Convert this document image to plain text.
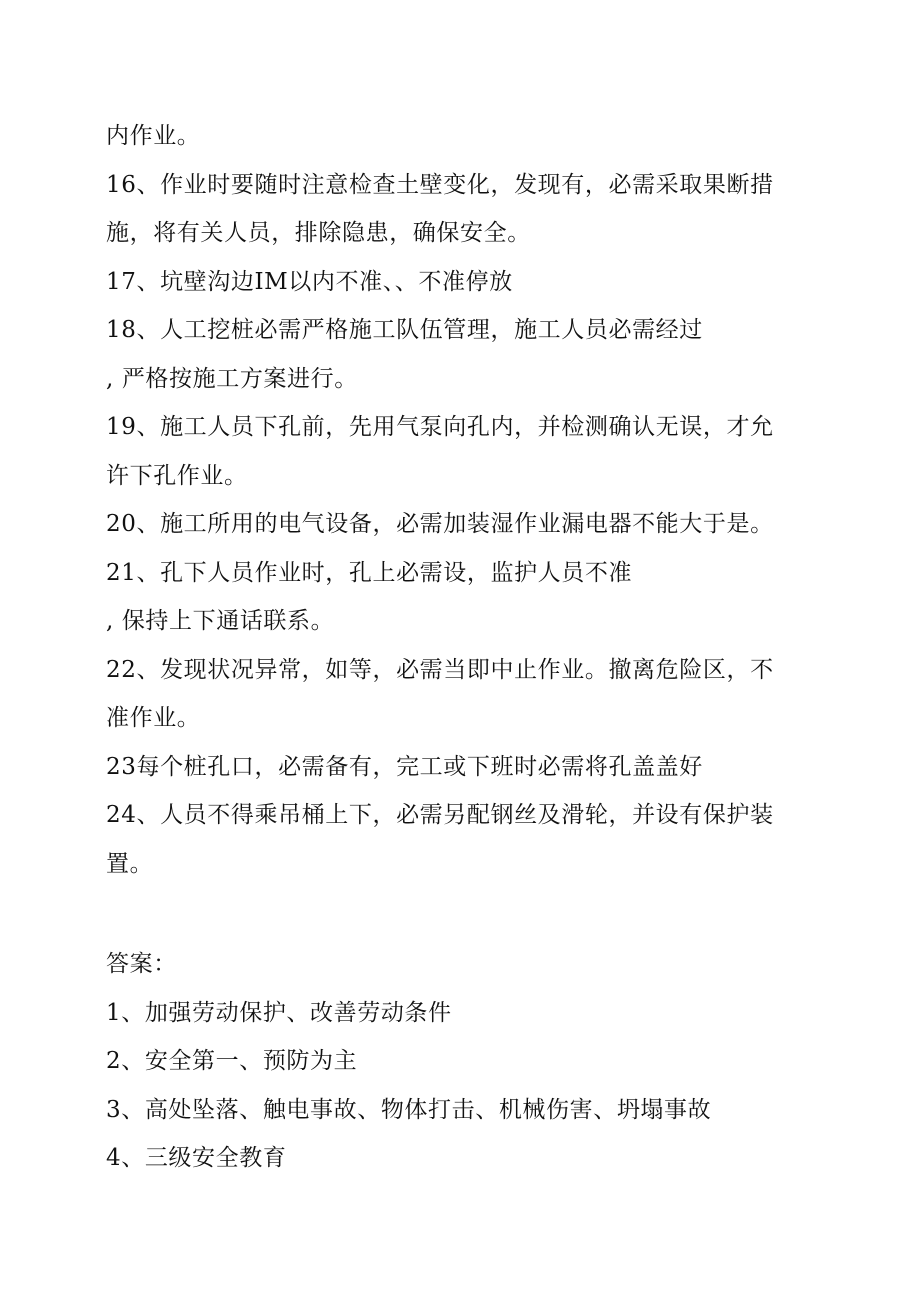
内作业。
16、作业时要随时注意检查土壁变化，发现有，必需采取果断措
施，将有关人员，排除隐患，确保安全。
17、坑壁沟边IM以内不准、、不准停放
18、人工挖桩必需严格施工队伍管理，施工人员必需经过
, 严格按施工方案进行。
19、施工人员下孔前，先用气泵向孔内，并检测确认无误，才允
许下孔作业。
20、施工所用的电气设备，必需加装湿作业漏电器不能大于是。
21、孔下人员作业时，孔上必需设，监护人员不准
, 保持上下通话联系。
22、发现状况异常，如等，必需当即中止作业。撤离危险区，不
准作业。
23每个桩孔口，必需备有，完工或下班时必需将孔盖盖好
24、人员不得乘吊桶上下，必需另配钢丝及滑轮，并设有保护装
置。
答案：
1、加强劳动保护、改善劳动条件
2、安全第一、预防为主
3、高处坠落、触电事故、物体打击、机械伤害、坍塌事故
4、三级安全教育
